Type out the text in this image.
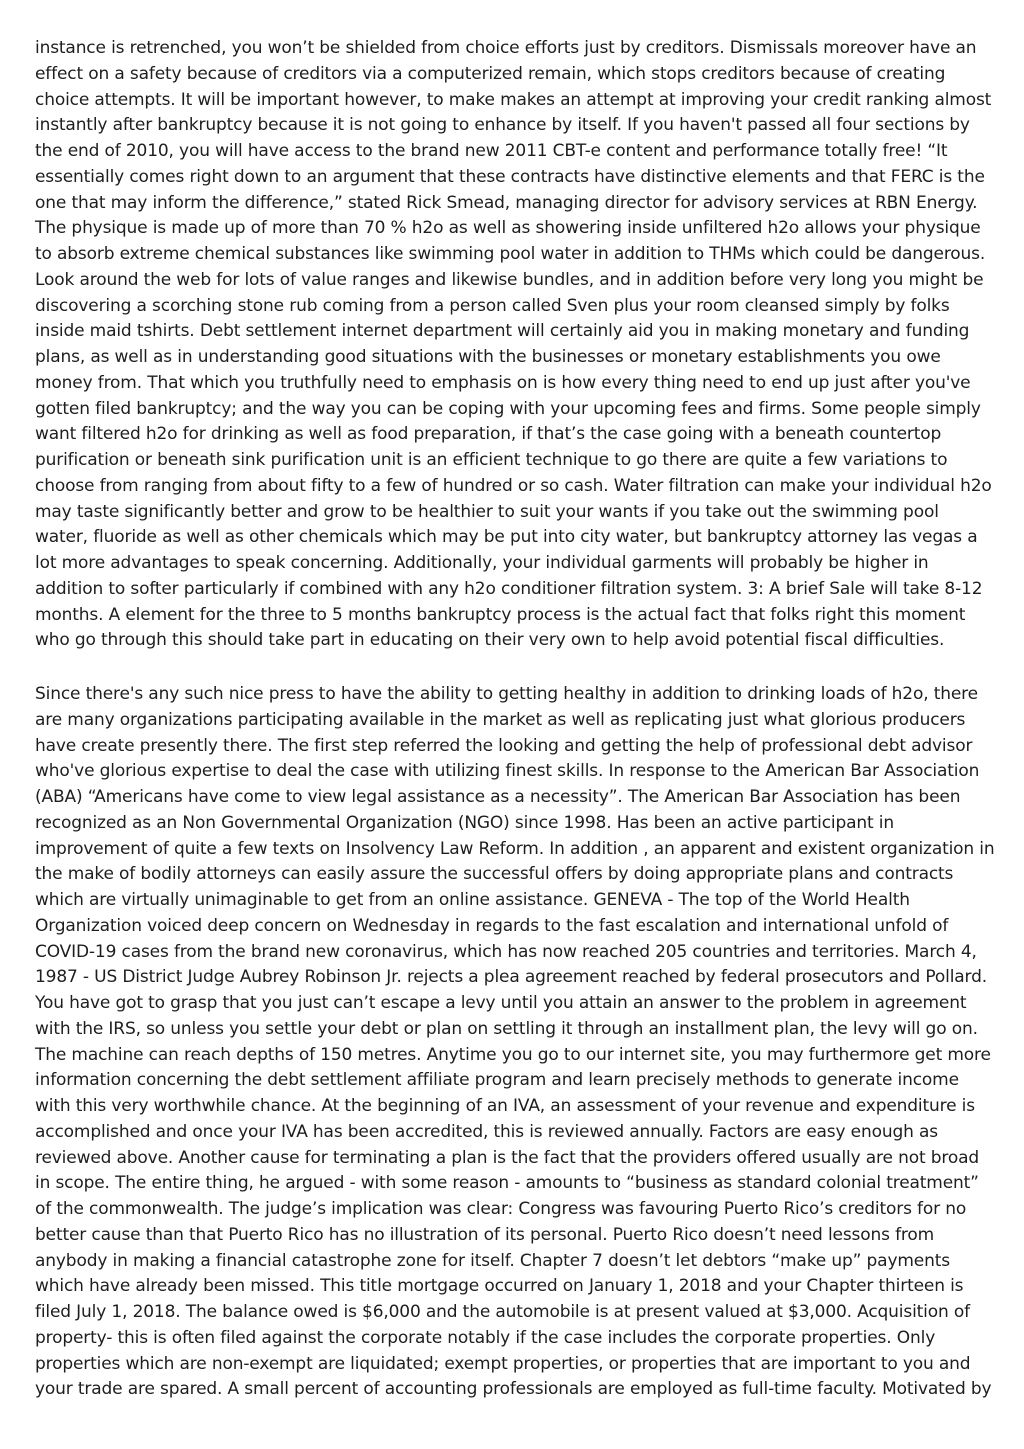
instance is retrenched, you won’t be shielded from choice efforts just by creditors. Dismissals moreover have an effect on a safety because of creditors via a computerized remain, which stops creditors because of creating choice attempts. It will be important however, to make makes an attempt at improving your credit ranking almost instantly after bankruptcy because it is not going to enhance by itself. If you haven't passed all four sections by the end of 2010, you will have access to the brand new 2011 CBT-e content and performance totally free! “It essentially comes right down to an argument that these contracts have distinctive elements and that FERC is the one that may inform the difference,” stated Rick Smead, managing director for advisory services at RBN Energy. The physique is made up of more than 70 % h2o as well as showering inside unfiltered h2o allows your physique to absorb extreme chemical substances like swimming pool water in addition to THMs which could be dangerous. Look around the web for lots of value ranges and likewise bundles, and in addition before very long you might be discovering a scorching stone rub coming from a person called Sven plus your room cleansed simply by folks inside maid tshirts. Debt settlement internet department will certainly aid you in making monetary and funding plans, as well as in understanding good situations with the businesses or monetary establishments you owe money from. That which you truthfully need to emphasis on is how every thing need to end up just after you've gotten filed bankruptcy; and the way you can be coping with your upcoming fees and firms. Some people simply want filtered h2o for drinking as well as food preparation, if that’s the case going with a beneath countertop purification or beneath sink purification unit is an efficient technique to go there are quite a few variations to choose from ranging from about fifty to a few of hundred or so cash. Water filtration can make your individual h2o may taste significantly better and grow to be healthier to suit your wants if you take out the swimming pool water, fluoride as well as other chemicals which may be put into city water, but bankruptcy attorney las vegas a lot more advantages to speak concerning. Additionally, your individual garments will probably be higher in addition to softer particularly if combined with any h2o conditioner filtration system. 3: A brief Sale will take 8-12 months. A element for the three to 5 months bankruptcy process is the actual fact that folks right this moment who go through this should take part in educating on their very own to help avoid potential fiscal difficulties.

Since there's any such nice press to have the ability to getting healthy in addition to drinking loads of h2o, there are many organizations participating available in the market as well as replicating just what glorious producers have create presently there. The first step referred the looking and getting the help of professional debt advisor who've glorious expertise to deal the case with utilizing finest skills. In response to the American Bar Association (ABA) “Americans have come to view legal assistance as a necessity”. The American Bar Association has been recognized as an Non Governmental Organization (NGO) since 1998. Has been an active participant in improvement of quite a few texts on Insolvency Law Reform. In addition , an apparent and existent organization in the make of bodily attorneys can easily assure the successful offers by doing appropriate plans and contracts which are virtually unimaginable to get from an online assistance. GENEVA - The top of the World Health Organization voiced deep concern on Wednesday in regards to the fast escalation and international unfold of COVID-19 cases from the brand new coronavirus, which has now reached 205 countries and territories. March 4, 1987 - US District Judge Aubrey Robinson Jr. rejects a plea agreement reached by federal prosecutors and Pollard. You have got to grasp that you just can’t escape a levy until you attain an answer to the problem in agreement with the IRS, so unless you settle your debt or plan on settling it through an installment plan, the levy will go on. The machine can reach depths of 150 metres. Anytime you go to our internet site, you may furthermore get more information concerning the debt settlement affiliate program and learn precisely methods to generate income with this very worthwhile chance. At the beginning of an IVA, an assessment of your revenue and expenditure is accomplished and once your IVA has been accredited, this is reviewed annually. Factors are easy enough as reviewed above. Another cause for terminating a plan is the fact that the providers offered usually are not broad in scope. The entire thing, he argued - with some reason - amounts to “business as standard colonial treatment” of the commonwealth. The judge’s implication was clear: Congress was favouring Puerto Rico’s creditors for no better cause than that Puerto Rico has no illustration of its personal. Puerto Rico doesn’t need lessons from anybody in making a financial catastrophe zone for itself. Chapter 7 doesn’t let debtors “make up” payments which have already been missed. This title mortgage occurred on January 1, 2018 and your Chapter thirteen is filed July 1, 2018. The balance owed is $6,000 and the automobile is at present valued at $3,000. Acquisition of property- this is often filed against the corporate notably if the case includes the corporate properties. Only properties which are non-exempt are liquidated; exempt properties, or properties that are important to you and your trade are spared. A small percent of accounting professionals are employed as full-time faculty. Motivated by
